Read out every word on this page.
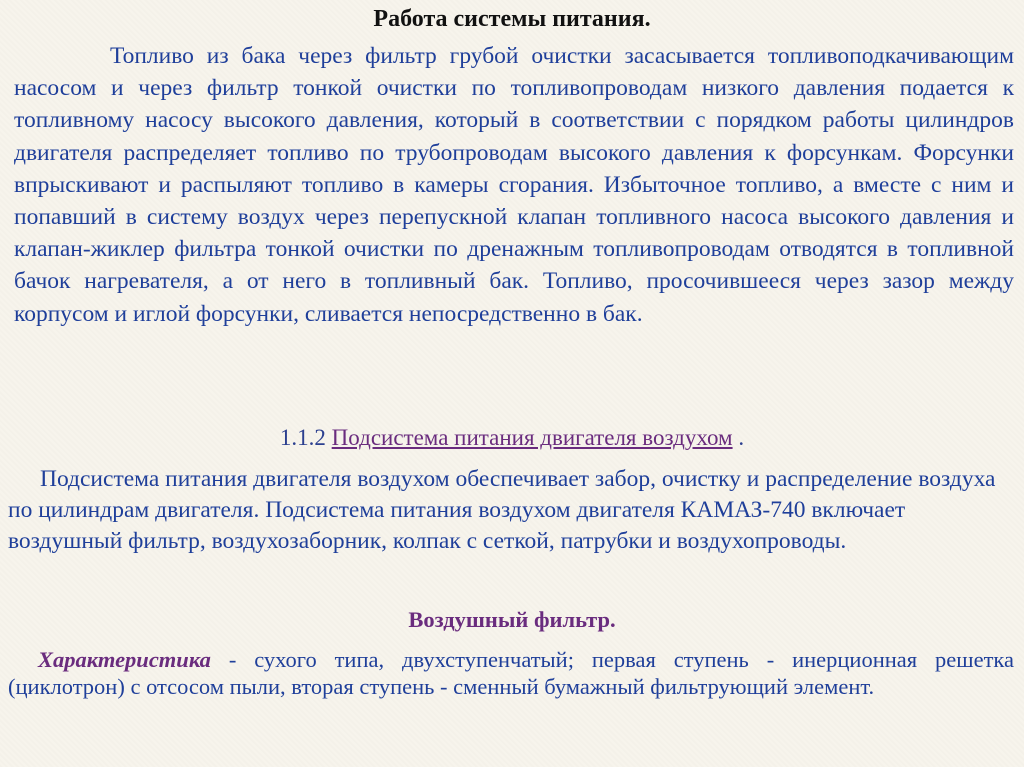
Работа системы питания.
Топливо из бака через фильтр грубой очистки засасывается топливоподкачивающим насосом и через фильтр тонкой очистки по топливопроводам низкого давления подается к топливному насосу высокого давления, который в соответствии с порядком работы цилиндров двигателя распределяет топливо по трубопроводам высокого давления к форсункам. Форсунки впрыскивают и распыляют топливо в камеры сгорания. Избыточное топливо, а вместе с ним и попавший в систему воздух через перепускной клапан топливного насоса высокого давления и клапан-жиклер фильтра тонкой очистки по дренажным топливопроводам отводятся в топливной бачок нагревателя, а от него в топливный бак. Топливо, просочившееся через зазор между корпусом и иглой форсунки, сливается непосредственно в бак.
1.1.2 Подсистема питания двигателя воздухом .
Подсистема питания двигателя воздухом обеспечивает забор, очистку и распределение воздуха по цилиндрам двигателя. Подсистема питания воздухом двигателя КАМАЗ-740 включает воздушный фильтр, воздухозаборник, колпак с сеткой, патрубки и воздухопроводы.
Воздушный фильтр.
Характеристика - сухого типа, двухступенчатый; первая ступень - инерционная решетка (циклотрон) с отсосом пыли, вторая ступень - сменный бумажный фильтрующий элемент.
